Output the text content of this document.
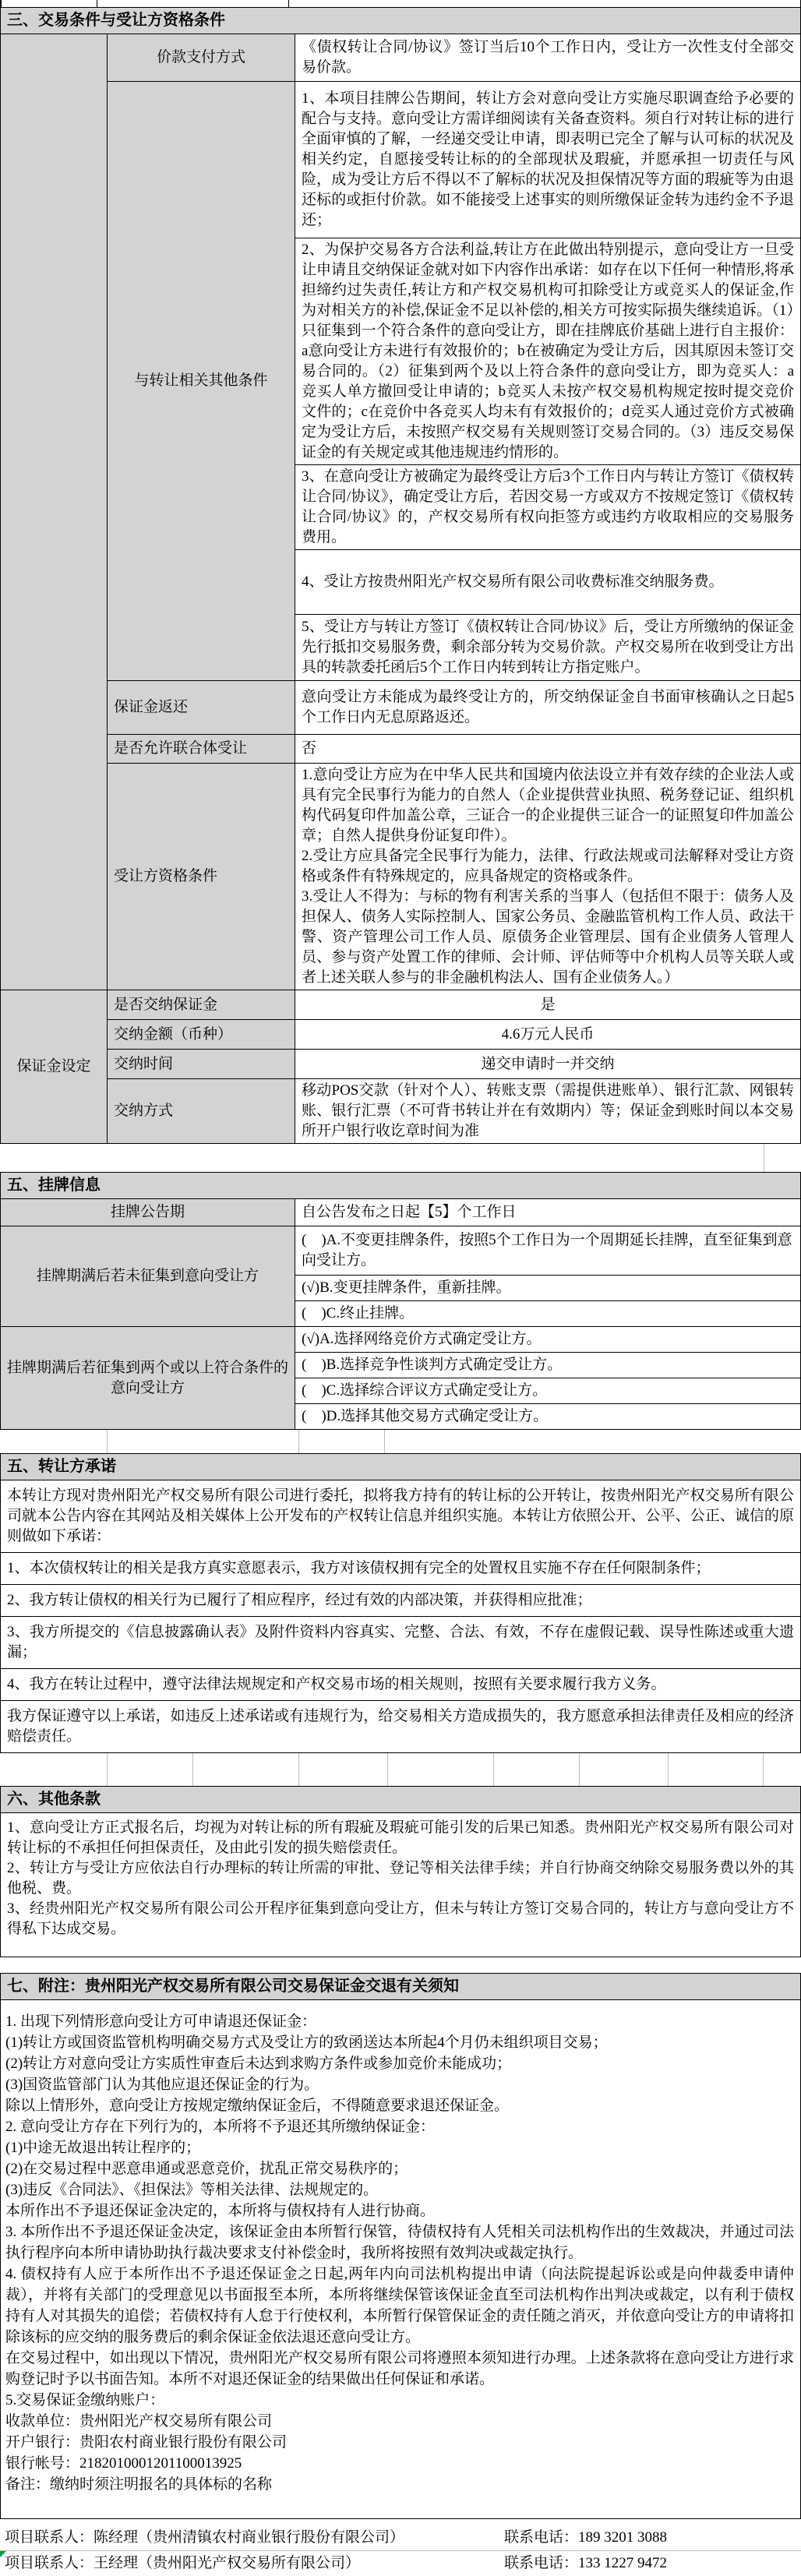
三、交易条件与受让方资格条件
	价款支付方式	《债权转让合同/协议》签订当后10个工作日内，受让方一次性支付全部交易价款。
	与转让相关其他条件	1、本项目挂牌公告期间，转让方会对意向受让方实施尽职调查给予必要的配合与支持。意向受让方需详细阅读有关备查资料。须自行对转让标的进行全面审慎的了解，一经递交受让申请，即表明已完全了解与认可标的状况及相关约定，自愿接受转让标的的全部现状及瑕疵，并愿承担一切责任与风险，成为受让方后不得以不了解标的状况及担保情况等方面的瑕疵等为由退还标的或拒付价款。如不能接受上述事实的则所缴保证金转为违约金不予退还；
		2、为保护交易各方合法利益,转让方在此做出特别提示，意向受让方一旦受让申请且交纳保证金就对如下内容作出承诺：如存在以下任何一种情形,将承担缔约过失责任,转让方和产权交易机构可扣除受让方或竞买人的保证金,作为对相关方的补偿,保证金不足以补偿的,相关方可按实际损失继续追诉。（1）只征集到一个符合条件的意向受让方，即在挂牌底价基础上进行自主报价：a意向受让方未进行有效报价的；b在被确定为受让方后，因其原因未签订交易合同的。（2）征集到两个及以上符合条件的意向受让方，即为竞买人：a竞买人单方撤回受让申请的；b竞买人未按产权交易机构规定按时提交竞价文件的；c在竞价中各竞买人均未有有效报价的；d竞买人通过竞价方式被确定为受让方后，未按照产权交易有关规则签订交易合同的。（3）违反交易保证金的有关规定或其他违规违约情形的。
		3、在意向受让方被确定为最终受让方后3个工作日内与转让方签订《债权转让合同/协议》，确定受让方后，若因交易一方或双方不按规定签订《债权转让合同/协议》的，产权交易所有权向拒签方或违约方收取相应的交易服务费用。
		4、受让方按贵州阳光产权交易所有限公司收费标准交纳服务费。
		5、受让方与转让方签订《债权转让合同/协议》后，受让方所缴纳的保证金先行抵扣交易服务费，剩余部分转为交易价款。产权交易所在收到受让方出具的转款委托函后5个工作日内转到转让方指定账户。
	保证金返还	意向受让方未能成为最终受让方的，所交纳保证金自书面审核确认之日起5个工作日内无息原路返还。
	是否允许联合体受让	否
	受让方资格条件	1.意向受让方应为在中华人民共和国境内依法设立并有效存续的企业法人或具有完全民事行为能力的自然人（企业提供营业执照、税务登记证、组织机构代码复印件加盖公章，三证合一的企业提供三证合一的证照复印件加盖公章；自然人提供身份证复印件）。
2.受让方应具备完全民事行为能力，法律、行政法规或司法解释对受让方资格或条件有特殊规定的，应具备规定的资格或条件。
3.受让人不得为：与标的物有利害关系的当事人（包括但不限于：债务人及担保人、债务人实际控制人、国家公务员、金融监管机构工作人员、政法干警、资产管理公司工作人员、原债务企业管理层、国有企业债务人管理人员、参与资产处置工作的律师、会计师、评估师等中介机构人员等关联人或者上述关联人参与的非金融机构法人、国有企业债务人。）

保证金设定	是否交纳保证金	是
	交纳金额（币种）	4.6万元人民币
	交纳时间	递交申请时一并交纳
	交纳方式	移动POS交款（针对个人）、转账支票（需提供进账单）、银行汇款、网银转账、银行汇票（不可背书转让并在有效期内）等；保证金到账时间以本交易所开户银行收讫章时间为准
五、挂牌信息
挂牌公告期	自公告发布之日起【5】个工作日
挂牌期满后若未征集到意向受让方	(　)A.不变更挂牌条件，按照5个工作日为一个周期延长挂牌，直至征集到意向受让方。
	(√)B.变更挂牌条件，重新挂牌。
	(　)C.终止挂牌。
挂牌期满后若征集到两个或以上符合条件的意向受让方	(√)A.选择网络竞价方式确定受让方。
	(　)B.选择竞争性谈判方式确定受让方。
	(　)C.选择综合评议方式确定受让方。
	(　)D.选择其他交易方式确定受让方。
五、转让方承诺
本转让方现对贵州阳光产权交易所有限公司进行委托，拟将我方持有的转让标的公开转让，按贵州阳光产权交易所有限公司就本公告内容在其网站及相关媒体上公开发布的产权转让信息并组织实施。本转让方依照公开、公平、公正、诚信的原则做如下承诺：
1、本次债权转让的相关是我方真实意愿表示，我方对该债权拥有完全的处置权且实施不存在任何限制条件；
2、我方转让债权的相关行为已履行了相应程序，经过有效的内部决策，并获得相应批准；
3、我方所提交的《信息披露确认表》及附件资料内容真实、完整、合法、有效，不存在虚假记载、误导性陈述或重大遗漏；
4、我方在转让过程中，遵守法律法规规定和产权交易市场的相关规则，按照有关要求履行我方义务。
我方保证遵守以上承诺，如违反上述承诺或有违规行为，给交易相关方造成损失的，我方愿意承担法律责任及相应的经济赔偿责任。
六、其他条款
1、意向受让方正式报名后，均视为对转让标的所有瑕疵及瑕疵可能引发的后果已知悉。贵州阳光产权交易所有限公司对转让标的不承担任何担保责任，及由此引发的损失赔偿责任。
2、转让方与受让方应依法自行办理标的转让所需的审批、登记等相关法律手续；并自行协商交纳除交易服务费以外的其他税、费。
3、经贵州阳光产权交易所有限公司公开程序征集到意向受让方，但未与转让方签订交易合同的，转让方与意向受让方不得私下达成交易。
七、附注：贵州阳光产权交易所有限公司交易保证金交退有关须知
1. 出现下列情形意向受让方可申请退还保证金：
(1)转让方或国资监管机构明确交易方式及受让方的致函送达本所起4个月仍未组织项目交易；
(2)转让方对意向受让方实质性审查后未达到求购方条件或参加竞价未能成功；
(3)国资监管部门认为其他应退还保证金的行为。
除以上情形外，意向受让方按规定缴纳保证金后，不得随意要求退还保证金。
2. 意向受让方存在下列行为的，本所将不予退还其所缴纳保证金：
(1)中途无故退出转让程序的；
(2)在交易过程中恶意串通或恶意竞价，扰乱正常交易秩序的；
(3)违反《合同法》、《担保法》等相关法律、法规规定的。
本所作出不予退还保证金决定的，本所将与债权持有人进行协商。
3. 本所作出不予退还保证金决定，该保证金由本所暂行保管，待债权持有人凭相关司法机构作出的生效裁决，并通过司法执行程序向本所申请协助执行裁决要求支付补偿金时，我所将按照有效判决或裁定执行。
4. 债权持有人应于本所作出不予退还保证金之日起,两年内向司法机构提出申请（向法院提起诉讼或是向仲裁委申请仲裁），并将有关部门的受理意见以书面报至本所，本所将继续保管该保证金直至司法机构作出判决或裁定，以有利于债权持有人对其损失的追偿；若债权持有人怠于行使权利，本所暂行保管保证金的责任随之消灭，并依意向受让方的申请将扣除该标的应交纳的服务费后的剩余保证金依法退还意向受让方。
在交易过程中，如出现以下情况，贵州阳光产权交易所有限公司将遵照本须知进行办理。上述条款将在意向受让方进行求购登记时予以书面告知。本所不对退还保证金的结果做出任何保证和承诺。
5.交易保证金缴纳账户：
收款单位：贵州阳光产权交易所有限公司
开户银行：贵阳农村商业银行股份有限公司
银行帐号：2182010001201100013925
备注：缴纳时须注明报名的具体标的名称
项目联系人：陈经理（贵州清镇农村商业银行股份有限公司）	联系电话：189 3201 3088
项目联系人：王经理（贵州阳光产权交易所有限公司）	联系电话：133 1227 9472
